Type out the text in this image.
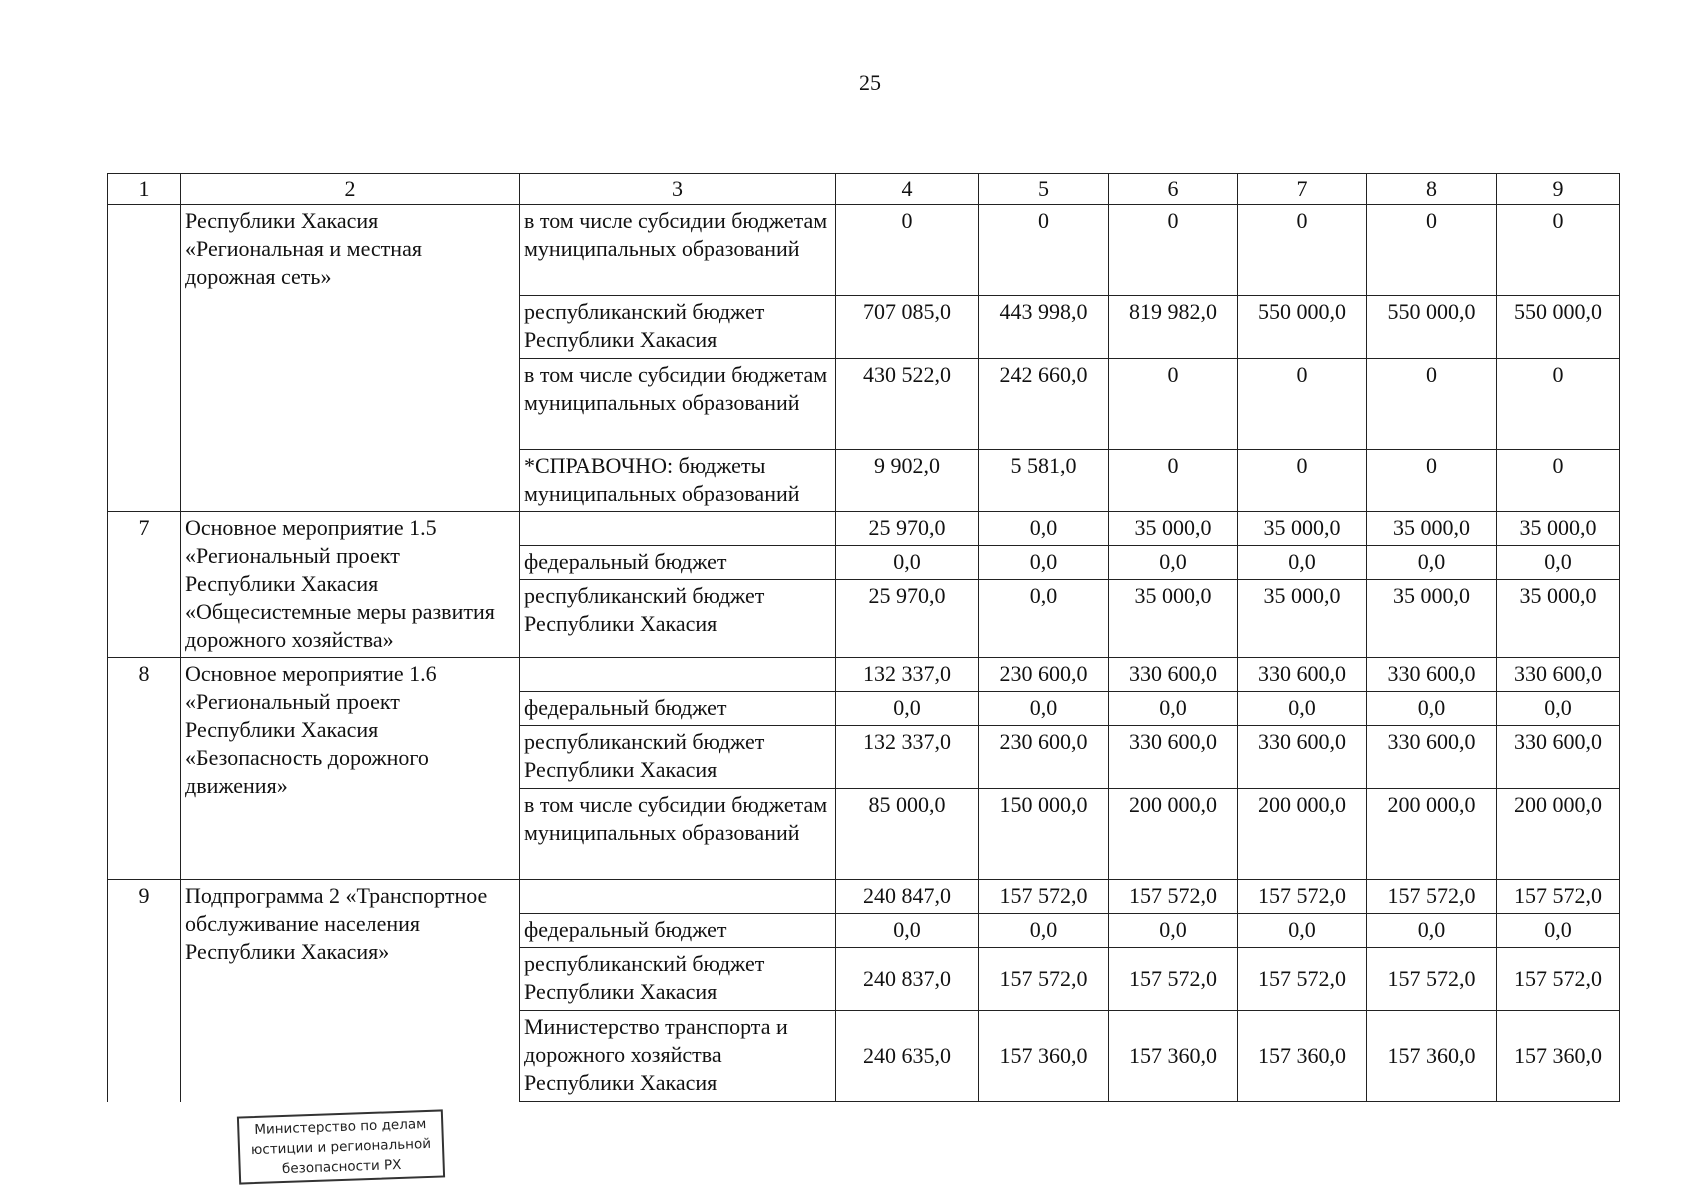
25
1	2	3	4	5	6	7	8	9
	Республики Хакасия «Региональная и местная дорожная сеть»	в том числе субсидии бюджетам муниципальных образований	0	0	0	0	0	0
		республиканский бюджет Республики Хакасия	707 085,0	443 998,0	819 982,0	550 000,0	550 000,0	550 000,0
		в том числе субсидии бюджетам муниципальных образований	430 522,0	242 660,0	0	0	0	0
		*СПРАВОЧНО: бюджеты муниципальных образований	9 902,0	5 581,0	0	0	0	0
7	Основное мероприятие 1.5 «Региональный проект Республики Хакасия «Общесистемные меры развития дорожного хозяйства»		25 970,0	0,0	35 000,0	35 000,0	35 000,0	35 000,0
		федеральный бюджет	0,0	0,0	0,0	0,0	0,0	0,0
		республиканский бюджет Республики Хакасия	25 970,0	0,0	35 000,0	35 000,0	35 000,0	35 000,0
8	Основное мероприятие 1.6 «Региональный проект Республики Хакасия «Безопасность дорожного движения»		132 337,0	230 600,0	330 600,0	330 600,0	330 600,0	330 600,0
		федеральный бюджет	0,0	0,0	0,0	0,0	0,0	0,0
		республиканский бюджет Республики Хакасия	132 337,0	230 600,0	330 600,0	330 600,0	330 600,0	330 600,0
		в том числе субсидии бюджетам муниципальных образований	85 000,0	150 000,0	200 000,0	200 000,0	200 000,0	200 000,0
9	Подпрограмма 2 «Транспортное обслуживание населения Республики Хакасия»		240 847,0	157 572,0	157 572,0	157 572,0	157 572,0	157 572,0
		федеральный бюджет	0,0	0,0	0,0	0,0	0,0	0,0
		республиканский бюджет Республики Хакасия	240 837,0	157 572,0	157 572,0	157 572,0	157 572,0	157 572,0
		Министерство транспорта и дорожного хозяйства Республики Хакасия	240 635,0	157 360,0	157 360,0	157 360,0	157 360,0	157 360,0
Министерство по делам
юстиции и региональной
безопасности РХ
